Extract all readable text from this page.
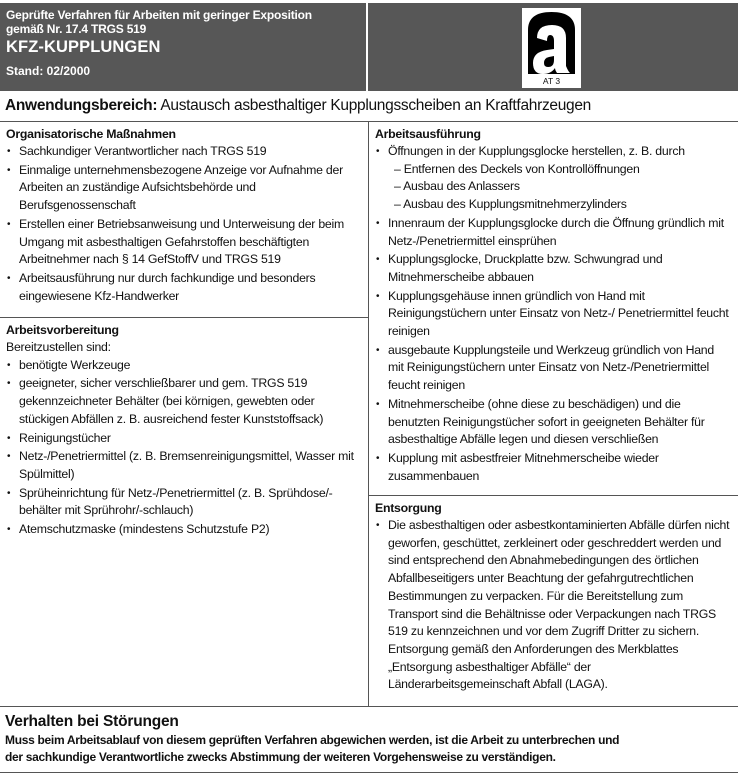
Geprüfte Verfahren für Arbeiten mit geringer Exposition
gemäß Nr. 17.4 TRGS 519
KFZ-KUPPLUNGEN
Stand: 02/2000
AT 3
Anwendungsbereich: Austausch asbesthaltiger Kupplungsscheiben an Kraftfahrzeugen
Organisatorische Maßnahmen
• Sachkundiger Verantwortlicher nach TRGS 519
• Einmalige unternehmensbezogene Anzeige vor Aufnahme der Arbeiten an zuständige Aufsichtsbehörde und Berufsgenossenschaft
• Erstellen einer Betriebsanweisung und Unterweisung der beim Umgang mit asbesthaltigen Gefahrstoffen beschäftigten Arbeitnehmer nach § 14 GefStoffV und TRGS 519
• Arbeitsausführung nur durch fachkundige und besonders eingewiesene Kfz-Handwerker
Arbeitsvorbereitung
Bereitzustellen sind:
• benötigte Werkzeuge
• geeigneter, sicher verschließbarer und gem. TRGS 519 gekennzeichneter Behälter (bei körnigen, gewebten oder stückigen Abfällen z. B. ausreichend fester Kunststoffsack)
• Reinigungstücher
• Netz-/Penetriermittel (z. B. Bremsenreinigungsmittel, Wasser mit Spülmittel)
• Sprüheinrichtung für Netz-/Penetriermittel (z. B. Sprühdose/-behälter mit Sprührohr/-schlauch)
• Atemschutzmaske (mindestens Schutzstufe P2)
Arbeitsausführung
• Öffnungen in der Kupplungsglocke herstellen, z. B. durch
– Entfernen des Deckels von Kontrollöffnungen
– Ausbau des Anlassers
– Ausbau des Kupplungsmitnehmerzylinders
• Innenraum der Kupplungsglocke durch die Öffnung gründlich mit Netz-/Penetriermittel einsprühen
• Kupplungsglocke, Druckplatte bzw. Schwungrad und Mitnehmerscheibe abbauen
• Kupplungsgehäuse innen gründlich von Hand mit Reinigungstüchern unter Einsatz von Netz-/ Penetriermittel feucht reinigen
• ausgebaute Kupplungsteile und Werkzeug gründlich von Hand mit Reinigungstüchern unter Einsatz von Netz-/Penetriermittel feucht reinigen
• Mitnehmerscheibe (ohne diese zu beschädigen) und die benutzten Reinigungstücher sofort in geeigneten Behälter für asbesthaltige Abfälle legen und diesen verschließen
• Kupplung mit asbestfreier Mitnehmerscheibe wieder zusammenbauen
Entsorgung
• Die asbesthaltigen oder asbestkontaminierten Abfälle dürfen nicht geworfen, geschüttet, zerkleinert oder geschreddert werden und sind entsprechend den Abnahmebedingungen des örtlichen Abfallbeseitigers unter Beachtung der gefahrgutrechtlichen Bestimmungen zu verpacken. Für die Bereitstellung zum Transport sind die Behältnisse oder Verpackungen nach TRGS 519 zu kennzeichnen und vor dem Zugriff Dritter zu sichern. Entsorgung gemäß den Anforderungen des Merkblattes „Entsorgung asbesthaltiger Abfälle“ der Länderarbeitsgemeinschaft Abfall (LAGA).
Verhalten bei Störungen

Muss beim Arbeitsablauf von diesem geprüften Verfahren abgewichen werden, ist die Arbeit zu unterbrechen und

der sachkundige Verantwortliche zwecks Abstimmung der weiteren Vorgehensweise zu verständigen.
